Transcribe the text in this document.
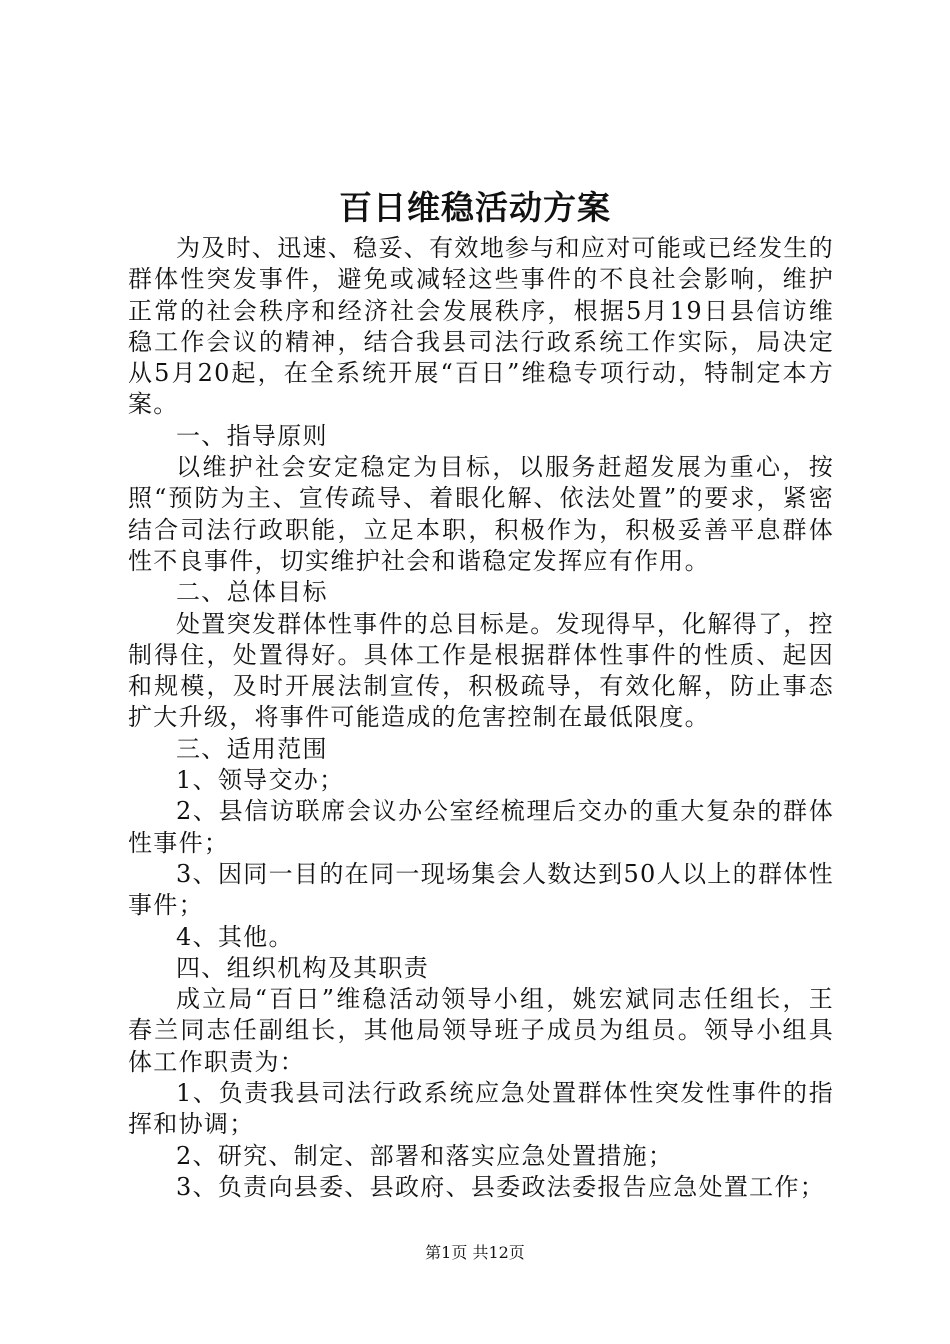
百日维稳活动方案

为及时、迅速、稳妥、有效地参与和应对可能或已经发生的群体性突发事件，避免或减轻这些事件的不良社会影响，维护正常的社会秩序和经济社会发展秩序，根据5月19日县信访维稳工作会议的精神，结合我县司法行政系统工作实际，局决定从5月20起，在全系统开展“百日”维稳专项行动，特制定本方案。

一、指导原则

以维护社会安定稳定为目标，以服务赶超发展为重心，按照“预防为主、宣传疏导、着眼化解、依法处置”的要求，紧密结合司法行政职能，立足本职，积极作为，积极妥善平息群体性不良事件，切实维护社会和谐稳定发挥应有作用。

二、总体目标

处置突发群体性事件的总目标是。发现得早，化解得了，控制得住，处置得好。具体工作是根据群体性事件的性质、起因和规模，及时开展法制宣传，积极疏导，有效化解，防止事态扩大升级，将事件可能造成的危害控制在最低限度。

三、适用范围

1、领导交办；

2、县信访联席会议办公室经梳理后交办的重大复杂的群体性事件；

3、因同一目的在同一现场集会人数达到50人以上的群体性事件；

4、其他。

四、组织机构及其职责

成立局“百日”维稳活动领导小组，姚宏斌同志任组长，王春兰同志任副组长，其他局领导班子成员为组员。领导小组具体工作职责为：

1、负责我县司法行政系统应急处置群体性突发性事件的指挥和协调；

2、研究、制定、部署和落实应急处置措施；

3、负责向县委、县政府、县委政法委报告应急处置工作；

第1页 共12页
